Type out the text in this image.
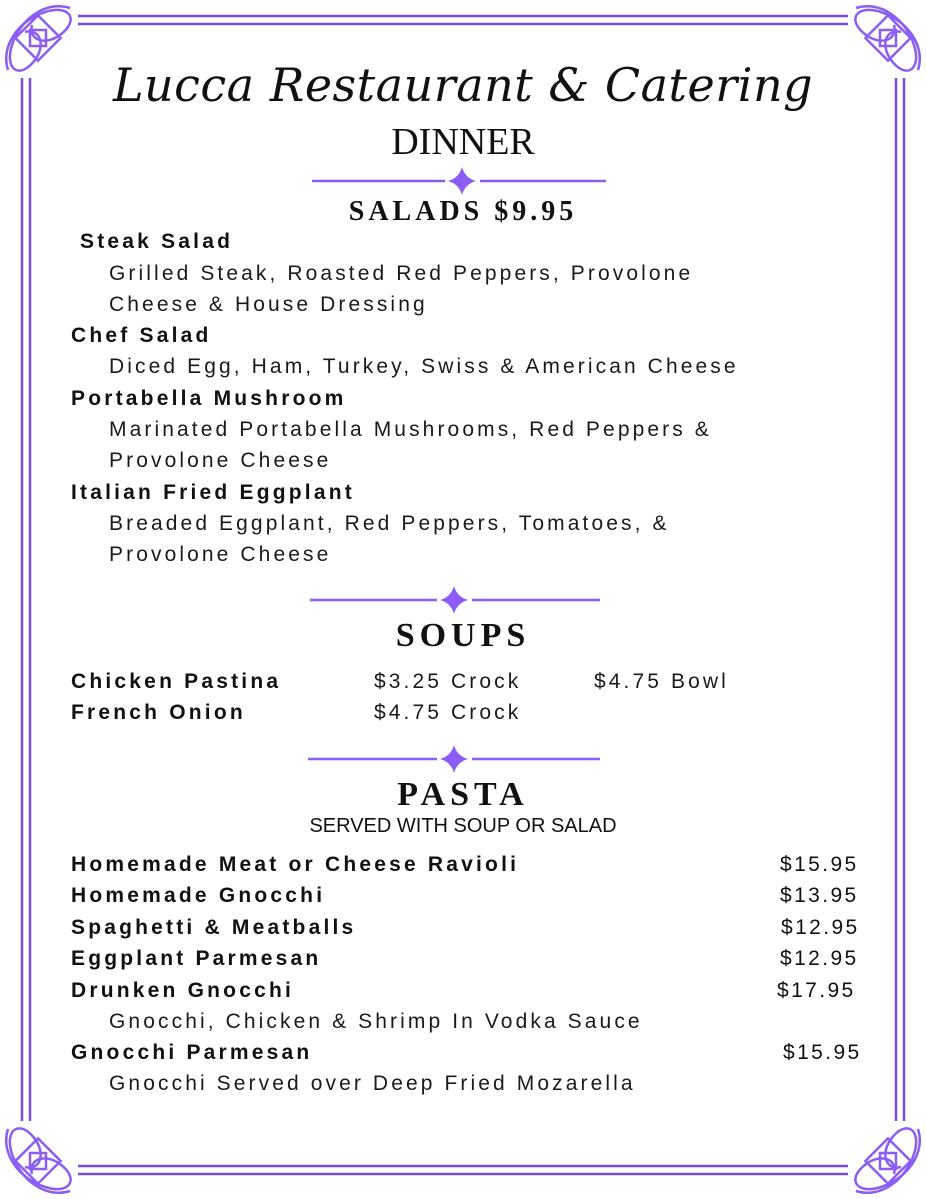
Lucca Restaurant & Catering
DINNER
SALADS $9.95
Steak Salad
Grilled Steak, Roasted Red Peppers, Provolone
Cheese & House Dressing
Chef Salad
Diced Egg, Ham, Turkey, Swiss & American Cheese
Portabella Mushroom
Marinated Portabella Mushrooms, Red Peppers &
Provolone Cheese
Italian Fried Eggplant
Breaded Eggplant, Red Peppers, Tomatoes, &
Provolone Cheese
SOUPS
Chicken Pastina	$3.25 Crock	$4.75 Bowl
French Onion	$4.75 Crock
PASTA
SERVED WITH SOUP OR SALAD
Homemade Meat or Cheese Ravioli	$15.95
Homemade Gnocchi	$13.95
Spaghetti & Meatballs	$12.95
Eggplant Parmesan	$12.95
Drunken Gnocchi	$17.95
Gnocchi, Chicken & Shrimp In Vodka Sauce
Gnocchi Parmesan	$15.95
Gnocchi Served over Deep Fried Mozarella
